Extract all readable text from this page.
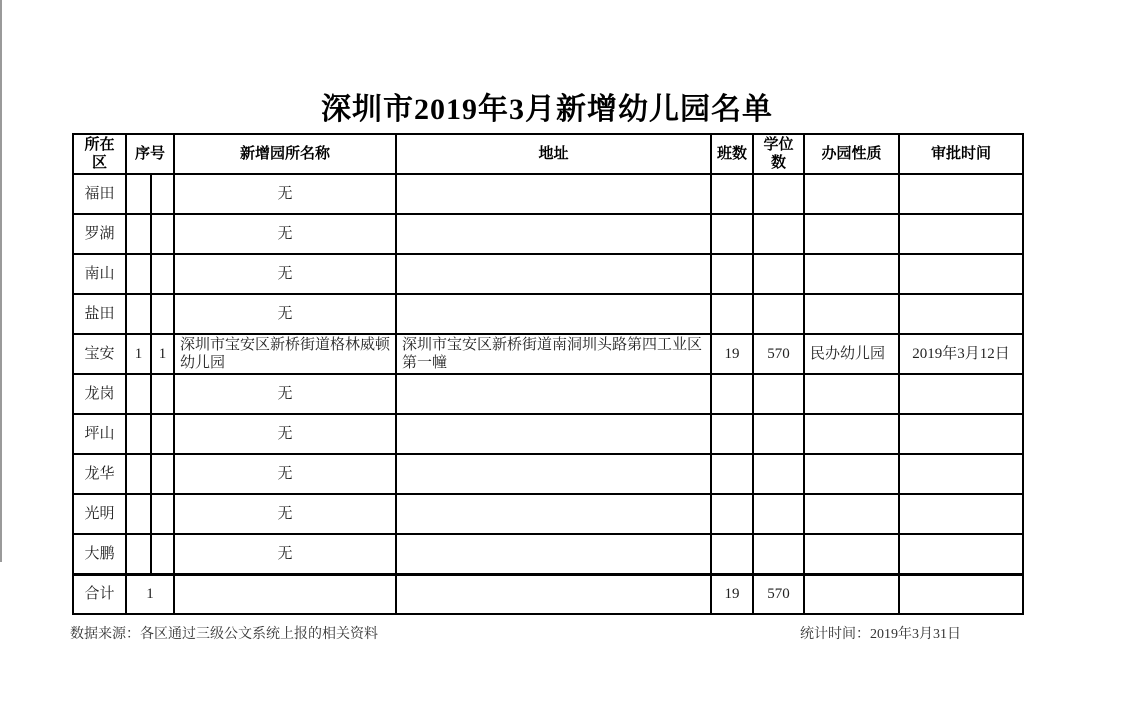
深圳市2019年3月新增幼儿园名单
所在区	序号		新增园所名称	地址	班数	学位数	办园性质	审批时间
福田			无					
罗湖			无					
南山			无					
盐田			无					
宝安	1	1	深圳市宝安区新桥街道格林威顿幼儿园	深圳市宝安区新桥街道南洞圳头路第四工业区第一幢	19	570	民办幼儿园	2019年3月12日
龙岗			无					
坪山			无					
龙华			无					
光明			无					
大鹏			无					
合计	1				19	570		
数据来源：各区通过三级公文系统上报的相关资料	统计时间：2019年3月31日
